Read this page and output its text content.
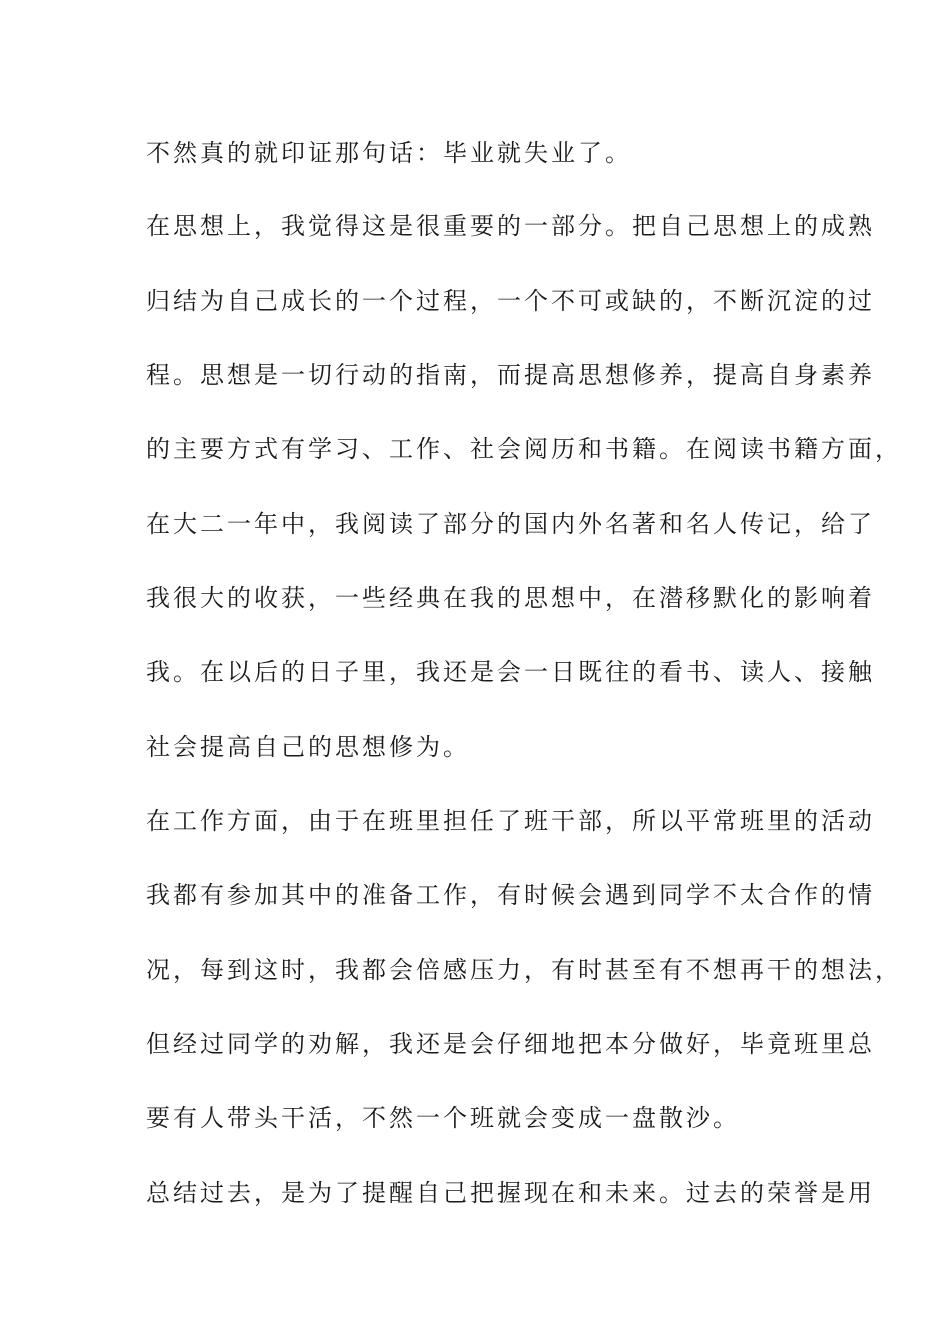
不然真的就印证那句话：毕业就失业了。
在思想上，我觉得这是很重要的一部分。把自己思想上的成熟
归结为自己成长的一个过程，一个不可或缺的，不断沉淀的过
程。思想是一切行动的指南，而提高思想修养，提高自身素养
的主要方式有学习、工作、社会阅历和书籍。在阅读书籍方面，
在大二一年中，我阅读了部分的国内外名著和名人传记，给了
我很大的收获，一些经典在我的思想中，在潜移默化的影响着
我。在以后的日子里，我还是会一日既往的看书、读人、接触
社会提高自己的思想修为。
在工作方面，由于在班里担任了班干部，所以平常班里的活动
我都有参加其中的准备工作，有时候会遇到同学不太合作的情
况，每到这时，我都会倍感压力，有时甚至有不想再干的想法，
但经过同学的劝解，我还是会仔细地把本分做好，毕竟班里总
要有人带头干活，不然一个班就会变成一盘散沙。
总结过去，是为了提醒自己把握现在和未来。过去的荣誉是用
